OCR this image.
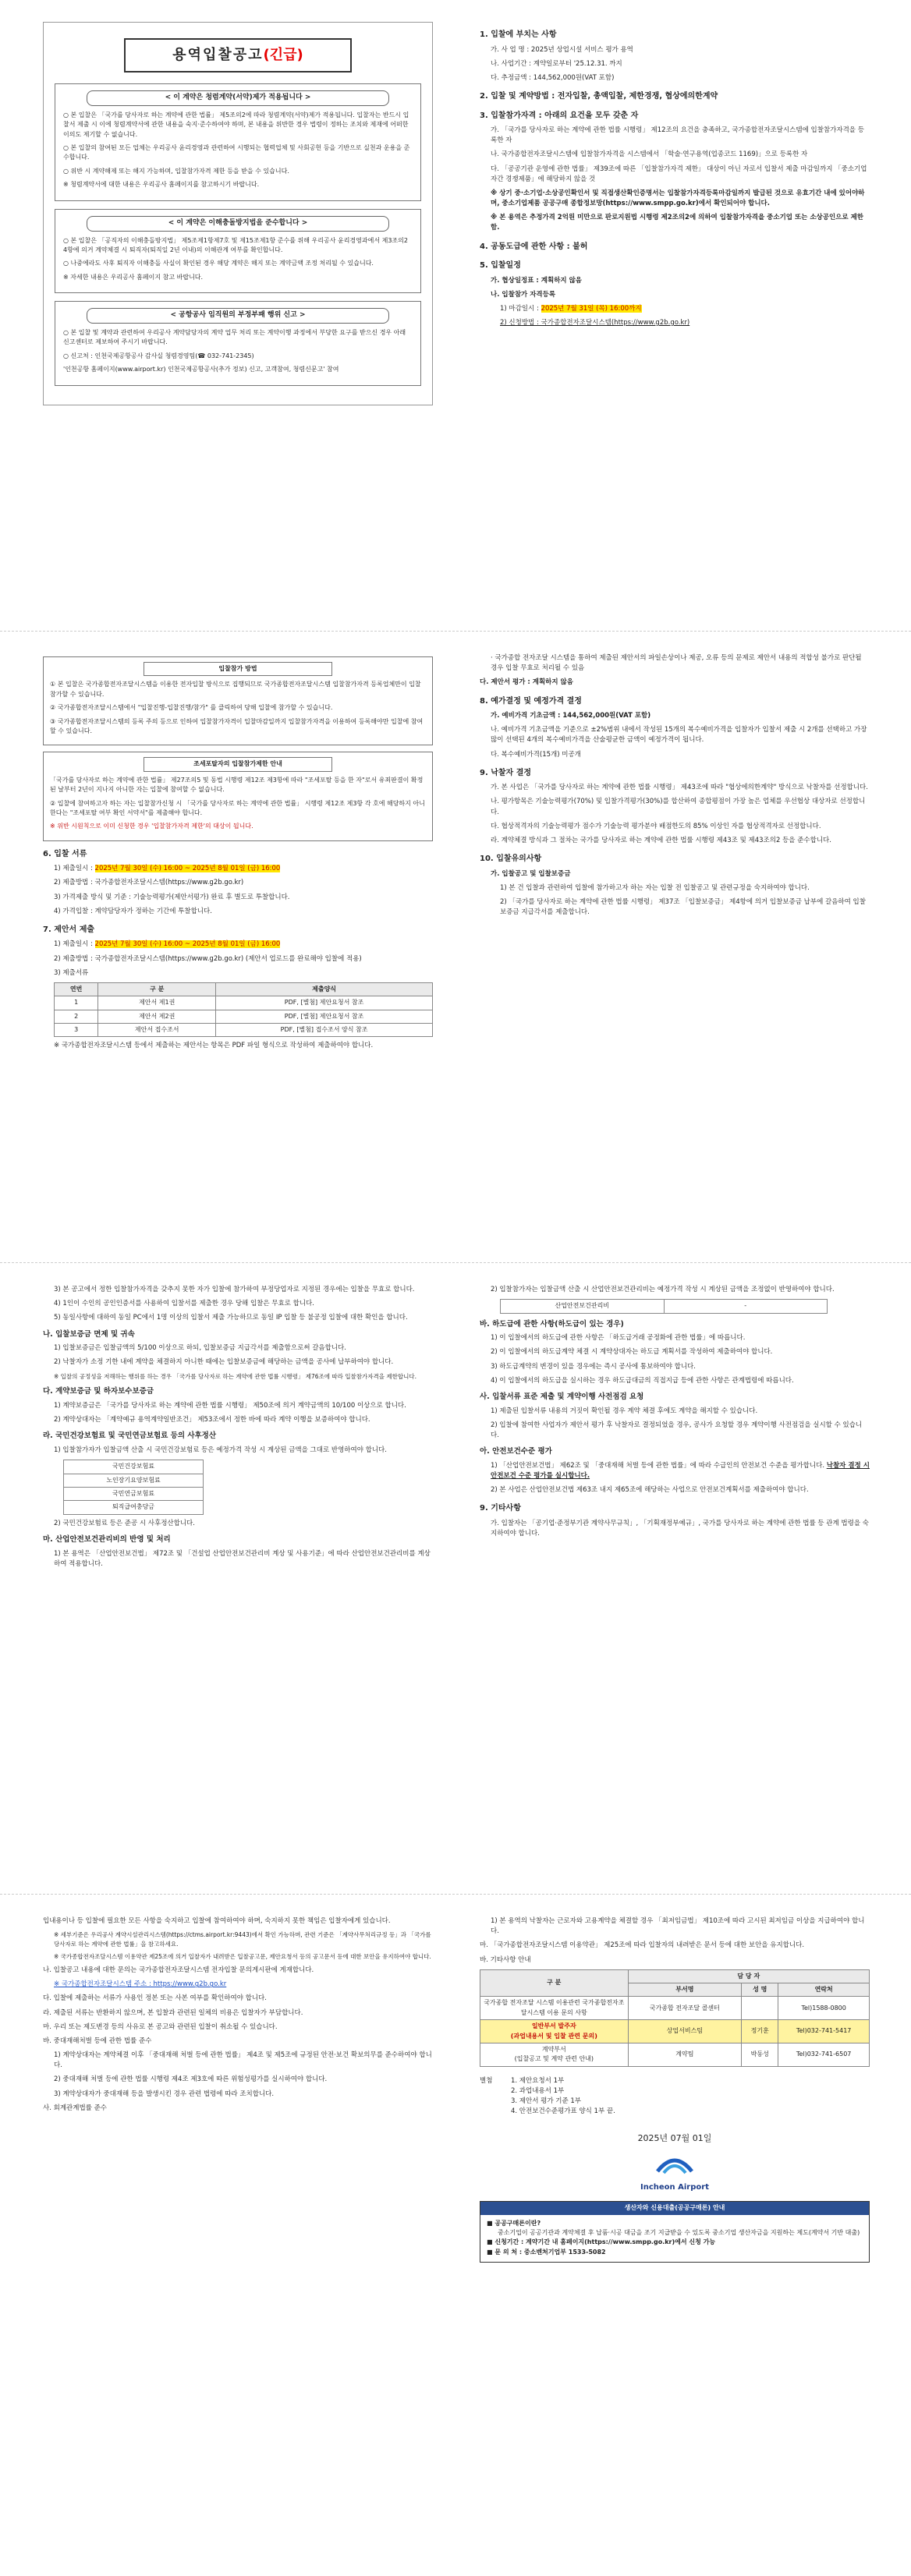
용역입찰공고(긴급)
< 이 계약은 청렴계약(서약)제가 적용됩니다 >
○ 본 입찰은 「국가를 당사자로 하는 계약에 관한 법률」 제5조의2에 따라 청렴계약(서약)제가 적용됩니다. 입찰자는 반드시 입찰서 제출 시 이에 청렴계약서에 관한 내용을 숙지·준수하여야 하며, 본 내용을 위반한 경우 법령이 정하는 조치와 제재에 어떠한 이의도 제기할 수 없습니다.
○ 본 입찰의 참여된 모든 업체는 우리공사 윤리경영과 관련하여 시행되는 협력업체 및 사회공헌 등을 기반으로 실천과 운용을 준수합니다.
○ 위반 시 계약해제 또는 해지 가능하며, 입찰참가자격 제한 등을 받을 수 있습니다.
※ 청렴계약서에 대한 내용은 우리공사 홈페이지를 참고하시기 바랍니다.
< 이 계약은 이해충돌방지법을 준수합니다 >
○ 본 입찰은 「공직자의 이해충돌방지법」 제5조제1항제7호 및 제15조제1항 준수를 위해 우리공사 윤리경영과에서 제3조의2 4항에 의거 계약체결 시 퇴직자(퇴직일 2년 이내)의 이해관계 여부를 확인합니다.
○ 나중에라도 사후 퇴직자 이해충돌 사실이 확인된 경우 해당 계약은 해지 또는 계약금액 조정 처리될 수 있습니다.
※ 자세한 내용은 우리공사 홈페이지 참고 바랍니다.
< 공항공사 임직원의 부정부패 행위 신고 >
○ 본 입찰 및 계약과 관련하여 우리공사 계약담당자의 계약 업무 처리 또는 계약이행 과정에서 부당한 요구를 받으신 경우 아래 신고센터로 제보하여 주시기 바랍니다.
○ 신고처 : 인천국제공항공사 감사실 청렴경영팀(☎ 032-741-2345)
'인천공항 홈페이지(www.airport.kr) 인천국제공항공사(추가 정보) 신고, 고객참여, 청렴신문고' 참여
1. 입찰에 부치는 사항
가. 사 업 명 : 2025년 상업시설 서비스 평가 용역
나. 사업기간 : 계약일로부터 '25.12.31. 까지
다. 추정금액 : 144,562,000원(VAT 포함)
2. 입찰 및 계약방법 : 전자입찰, 총액입찰, 제한경쟁, 협상에의한계약
3. 입찰참가자격 : 아래의 요건을 모두 갖춘 자
가. 「국가를 당사자로 하는 계약에 관한 법률 시행령」 제12조의 요건을 충족하고, 국가종합전자조달시스템에 입찰참가자격을 등록한 자
나. 국가종합전자조달시스템에 입찰참가자격을 시스템에서 「학술·연구용역(업종코드 1169)」으로 등록한 자
다. 「공공기관 운영에 관한 법률」 제39조에 따른 「입찰참가자격 제한」 대상이 아닌 자로서 입찰서 제출 마감일까지 「중소기업자간 경쟁제품」에 해당하지 않을 것
※ 상기 중·소기업·소상공인확인서 및 직접생산확인증명서는 입찰참가자격등록마감일까지 발급된 것으로 유효기간 내에 있어야하며, 중소기업제품 공공구매 종합정보망(https://www.smpp.go.kr)에서 확인되어야 합니다.
※ 본 용역은 추정가격 2억원 미만으로 판로지원법 시행령 제2조의2에 의하여 입찰참가자격을 중소기업 또는 소상공인으로 제한함.
4. 공동도급에 관한 사항 : 불허
5. 입찰일정
가. 협상일정표 : 계획하지 않음
나. 입찰참가 자격등록
1) 마감일시 : 2025년 7월 31일 (목) 16:00까지
2) 신청방법 : 국가종합전자조달시스템(https://www.g2b.go.kr)
입찰참가 방법
① 본 입찰은 국가종합전자조달시스템을 이용한 전자입찰 방식으로 집행되므로 국가종합전자조달시스템 입찰참가자격 등록업체만이 입찰참가할 수 있습니다.
② 국가종합전자조달시스템에서 "입찰진행-입찰진행/참가" 를 클릭하여 당해 입찰에 참가할 수 있습니다.
③ 국가종합전자조달시스템의 등록 주의 등으로 인하여 입찰참가자격이 입찰마감일까지 입찰참가자격을 이용하여 등록해야만 입찰에 참여할 수 있습니다.
조세포탈자의 입찰참가제한 안내
「국가를 당사자로 하는 계약에 관한 법률」 제27조의5 및 동법 시행령 제12조 제3항에 따라 "조세포탈 등을 한 자"로서 유죄판결이 확정된 날부터 2년이 지나지 아니한 자는 입찰에 참여할 수 없습니다.
② 입찰에 참여하고자 하는 자는 입찰참가신청 시 「국가를 당사자로 하는 계약에 관한 법률」 시행령 제12조 제3항 각 호에 해당하지 아니한다는 "조세포탈 여부 확인 서약서"를 제출해야 합니다.
※ 위반 시원칙으로 이미 신청한 경우 '입찰참가자격 제한'의 대상이 됩니다.
6. 입찰 서류
1) 제출일시 : 2025년 7월 30일 (수) 16:00 ~ 2025년 8월 01일 (금) 16:00
2) 제출방법 : 국가종합전자조달시스템(https://www.g2b.go.kr)
3) 가격제출 방식 및 기준 : 기술능력평가(제안서평가) 완료 후 별도로 투찰합니다.
4) 가격입찰 : 계약담당자가 정하는 기간에 투찰합니다.
7. 제안서 제출
1) 제출일시 : 2025년 7월 30일 (수) 16:00 ~ 2025년 8월 01일 (금) 16:00
2) 제출방법 : 국가종합전자조달시스템(https://www.g2b.go.kr) (제안서 업로드를 완료해야 입찰에 적용)
3) 제출서류
연번	구 분	제출양식
1	제안서 제1권	PDF, [별첨] 제안요청서 참조
2	제안서 제2권	PDF, [별첨] 제안요청서 참조
3	제안서 접수조서	PDF, [별첨] 접수조서 양식 참조
※ 국가종합전자조달시스템 등에서 제출하는 제안서는 항목은 PDF 파일 형식으로 작성하여 제출하여야 합니다.
· 국가종합 전자조달 시스템을 통하여 제출된 제안서의 파일손상이나 제공, 오류 등의 문제로 제안서 내용의 적합성 불가로 판단될 경우 입찰 무효로 처리될 수 있음
다. 제안서 평가 : 계획하지 않음
8. 예가결정 및 예정가격 결정
가. 예비가격 기초금액 : 144,562,000원(VAT 포함)
나. 예비가격 기초금액을 기준으로 ±2%범위 내에서 작성된 15개의 복수예비가격을 입찰자가 입찰서 제출 시 2개를 선택하고 가장 많이 선택된 4개의 복수예비가격을 산술평균한 금액이 예정가격이 됩니다.
다. 복수예비가격(15개) 미공개
9. 낙찰자 결정
가. 본 사업은 「국가를 당사자로 하는 계약에 관한 법률 시행령」 제43조에 따라 "협상에의한계약" 방식으로 낙찰자를 선정합니다.
나. 평가항목은 기술능력평가(70%) 및 입찰가격평가(30%)를 합산하여 종합평점이 가장 높은 업체를 우선협상 대상자로 선정합니다.
다. 협상적격자의 기술능력평가 점수가 기술능력 평가분야 배점한도의 85% 이상인 자를 협상적격자로 선정합니다.
라. 계약체결 방식과 그 절차는 국가를 당사자로 하는 계약에 관한 법률 시행령 제43조 및 제43조의2 등을 준수합니다.
10. 입찰유의사항
가. 입찰공고 및 입찰보증금
1) 본 건 입찰과 관련하여 입찰에 참가하고자 하는 자는 입찰 전 입찰공고 및 관련규정을 숙지하여야 합니다.
2) 「국가를 당사자로 하는 계약에 관한 법률 시행령」 제37조 「입찰보증금」 제4항에 의거 입찰보증금 납부에 갈음하여 입찰보증금 지급각서를 제출합니다.
3) 본 공고에서 정한 입찰참가자격을 갖추지 못한 자가 입찰에 참가하여 부정당업자로 지정된 경우에는 입찰을 무효로 합니다.
4) 1인이 수인의 공인인증서를 사용하여 입찰서를 제출한 경우 당해 입찰은 무효로 합니다.
5) 동일사항에 대하여 동일 PC에서 1명 이상의 입찰서 제출 가능하므로 동일 IP 입찰 등 불공정 입찰에 대한 확인을 합니다.
나. 입찰보증금 면제 및 귀속
1) 입찰보증금은 입찰금액의 5/100 이상으로 하되, 입찰보증금 지급각서를 제출함으로써 갈음합니다.
2) 낙찰자가 소정 기한 내에 계약을 체결하지 아니한 때에는 입찰보증금에 해당하는 금액을 공사에 납부하여야 합니다.
※ 입찰의 공정성을 저해하는 행위를 하는 경우 「국가를 당사자로 하는 계약에 관한 법률 시행령」 제76조에 따라 입찰참가자격을 제한합니다.
다. 계약보증금 및 하자보수보증금
1) 계약보증금은 「국가를 당사자로 하는 계약에 관한 법률 시행령」 제50조에 의거 계약금액의 10/100 이상으로 합니다.
2) 계약상대자는 「계약예규 용역계약일반조건」 제53조에서 정한 바에 따라 계약 이행을 보증하여야 합니다.
라. 국민건강보험료 및 국민연금보험료 등의 사후정산
1) 입찰참가자가 입찰금액 산출 시 국민건강보험료 등은 예정가격 작성 시 계상된 금액을 그대로 반영하여야 합니다.
국민건강보험료
노인장기요양보험료
국민연금보험료
퇴직급여충당금
2) 국민건강보험료 등은 준공 시 사후정산합니다.
마. 산업안전보건관리비의 반영 및 처리
1) 본 용역은 「산업안전보건법」 제72조 및 「건설업 산업안전보건관리비 계상 및 사용기준」에 따라 산업안전보건관리비를 계상하여 적용합니다.
2) 입찰참가자는 입찰금액 산출 시 산업안전보건관리비는 예정가격 작성 시 계상된 금액을 조정없이 반영하여야 합니다.
산업안전보건관리비	-
바. 하도급에 관한 사항(하도급이 있는 경우)
1) 이 입찰에서의 하도급에 관한 사항은 「하도급거래 공정화에 관한 법률」에 따릅니다.
2) 이 입찰에서의 하도급계약 체결 시 계약상대자는 하도급 계획서를 작성하여 제출하여야 합니다.
3) 하도급계약의 변경이 있을 경우에는 즉시 공사에 통보하여야 합니다.
4) 이 입찰에서의 하도급을 실시하는 경우 하도급대금의 직접지급 등에 관한 사항은 관계법령에 따릅니다.
사. 입찰서류 표준 제출 및 계약이행 사전점검 요청
1) 제출된 입찰서류 내용의 거짓이 확인될 경우 계약 체결 후에도 계약을 해지할 수 있습니다.
2) 입찰에 참여한 사업자가 제안서 평가 후 낙찰자로 결정되었을 경우, 공사가 요청할 경우 계약이행 사전점검을 실시할 수 있습니다.
아. 안전보건수준 평가
1) 「산업안전보건법」 제62조 및 「중대재해 처벌 등에 관한 법률」에 따라 수급인의 안전보건 수준을 평가합니다. 낙찰자 결정 시 안전보건 수준 평가를 실시합니다.
2) 본 사업은 산업안전보건법 제63조 내지 제65조에 해당하는 사업으로 안전보건계획서를 제출하여야 합니다.
9. 기타사항
가. 입찰자는 「공기업·준정부기관 계약사무규칙」, 「기획재정부예규」, 국가를 당사자로 하는 계약에 관한 법률 등 관계 법령을 숙지하여야 합니다.
입내용이나 등 입찰에 필요한 모든 사항을 숙지하고 입찰에 참여하여야 하며, 숙지하지 못한 책임은 입찰자에게 있습니다.
※ 세부기준은 우리공사 계약시설관리시스템(https://ctms.airport.kr:9443)에서 확인 가능하며, 관련 기준은 「계약사무처리규정 등」과 「국가를 당사자로 하는 계약에 관한 법률」을 참고하세요.
※ 국가종합전자조달시스템 이용약관 제25조에 의거 입찰자가 내려받은 입찰공고문, 제안요청서 등의 공고문서 등에 대한 보안을 유지하여야 합니다.
나. 입찰공고 내용에 대한 문의는 국가종합전자조달시스템 전자입찰 문의게시판에 게재합니다.
※ 국가종합전자조달시스템 주소 : https://www.g2b.go.kr
다. 입찰에 제출하는 서류가 사용인 정본 또는 사본 여부를 확인하여야 합니다.
라. 제출된 서류는 반환하지 않으며, 본 입찰과 관련된 일체의 비용은 입찰자가 부담합니다.
마. 우리 또는 제도변경 등의 사유로 본 공고와 관련된 입찰이 취소될 수 있습니다.
바. 중대재해처벌 등에 관한 법률 준수
1) 계약상대자는 계약체결 이후 「중대재해 처벌 등에 관한 법률」 제4조 및 제5조에 규정된 안전·보건 확보의무를 준수하여야 합니다.
2) 중대재해 처벌 등에 관한 법률 시행령 제4조 제3호에 따른 위험성평가를 실시하여야 합니다.
3) 계약상대자가 중대재해 등을 발생시킨 경우 관련 법령에 따라 조치합니다.
사. 회계관계법률 준수
1) 본 용역의 낙찰자는 근로자와 고용계약을 체결할 경우 「최저임금법」 제10조에 따라 고시된 최저임금 이상을 지급하여야 합니다.
마. 「국가종합전자조달시스템 이용약관」 제25조에 따라 입찰자의 내려받은 문서 등에 대한 보안을 유지합니다.
바. 기타사항 안내
구 분	담 당 자		
	부서명	성 명	연락처
국가종합 전자조달 시스템 이용관련 국가종합전자조달시스템 이용 문의 사항	국가종합 전자조달 콜센터		Tel)1588-0800
일반부서 발주자
(과업내용서 및 입찰 관련 문의)	상업서비스팀	정기훈	Tel)032-741-5417
계약부서
(입찰공고 및 계약 관련 안내)	계약팀	박동성	Tel)032-741-6507
별첨	1. 제안요청서 1부
2. 과업내용서 1부
3. 제안서 평가 기준 1부
4. 안전보건수준평가표 양식 1부 끝.
2025년 07월 01일
Incheon Airport
생산자와 신용대출(공공구매론) 안내
■ 공공구매론이란?
중소기업이 공공기관과 계약체결 후 납품·시공 대금을 조기 지급받을 수 있도록 중소기업 생산자금을 지원하는 제도(계약서 기반 대출)
■ 신청기간 : 계약기간 내 홈페이지(https://www.smpp.go.kr)에서 신청 가능
■ 문 의 처 : 중소벤처기업부 1533-5082
